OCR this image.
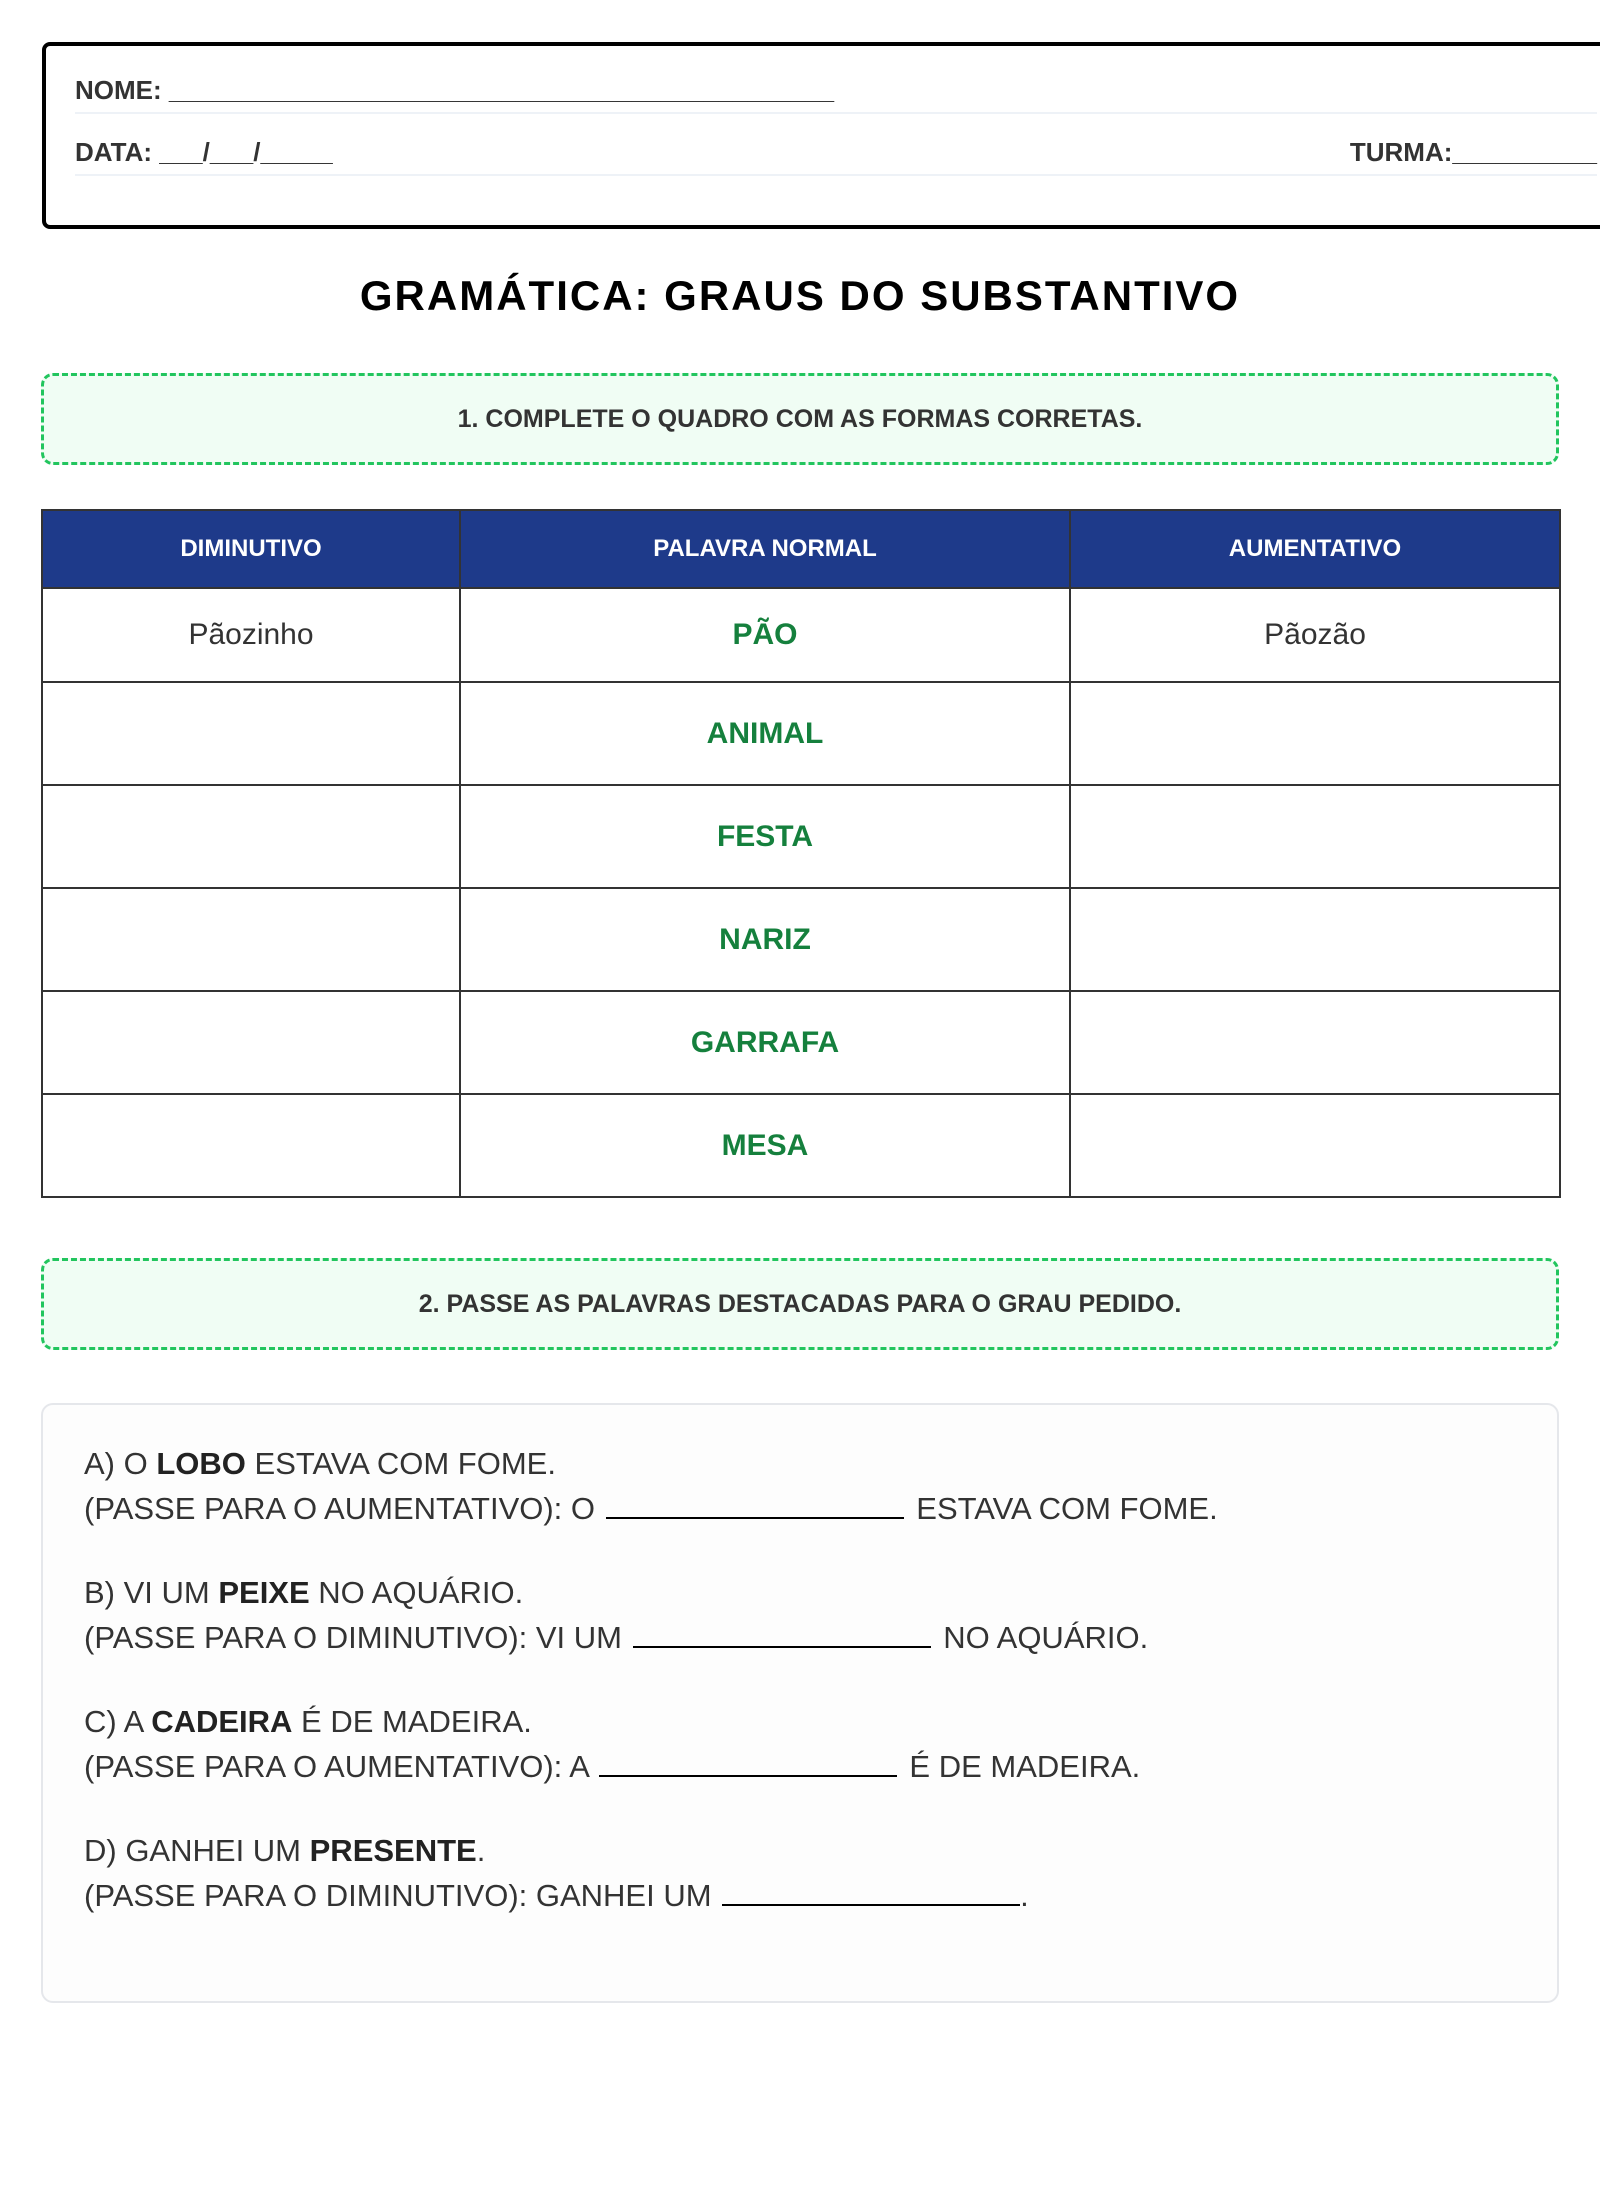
NOME: ______________________________________________
DATA: ___/___/_____	TURMA:__________
GRAMÁTICA: GRAUS DO SUBSTANTIVO
1. COMPLETE O QUADRO COM AS FORMAS CORRETAS.
DIMINUTIVO	PALAVRA NORMAL	AUMENTATIVO
Pãozinho	PÃO	Pãozão
	ANIMAL	
	FESTA	
	NARIZ	
	GARRAFA	
	MESA	
2. PASSE AS PALAVRAS DESTACADAS PARA O GRAU PEDIDO.
A) O LOBO ESTAVA COM FOME.
(PASSE PARA O AUMENTATIVO): O	ESTAVA COM FOME.
B) VI UM PEIXE NO AQUÁRIO.
(PASSE PARA O DIMINUTIVO): VI UM	NO AQUÁRIO.
C) A CADEIRA É DE MADEIRA.
(PASSE PARA O AUMENTATIVO): A	É DE MADEIRA.
D) GANHEI UM PRESENTE.
(PASSE PARA O DIMINUTIVO): GANHEI UM	.
